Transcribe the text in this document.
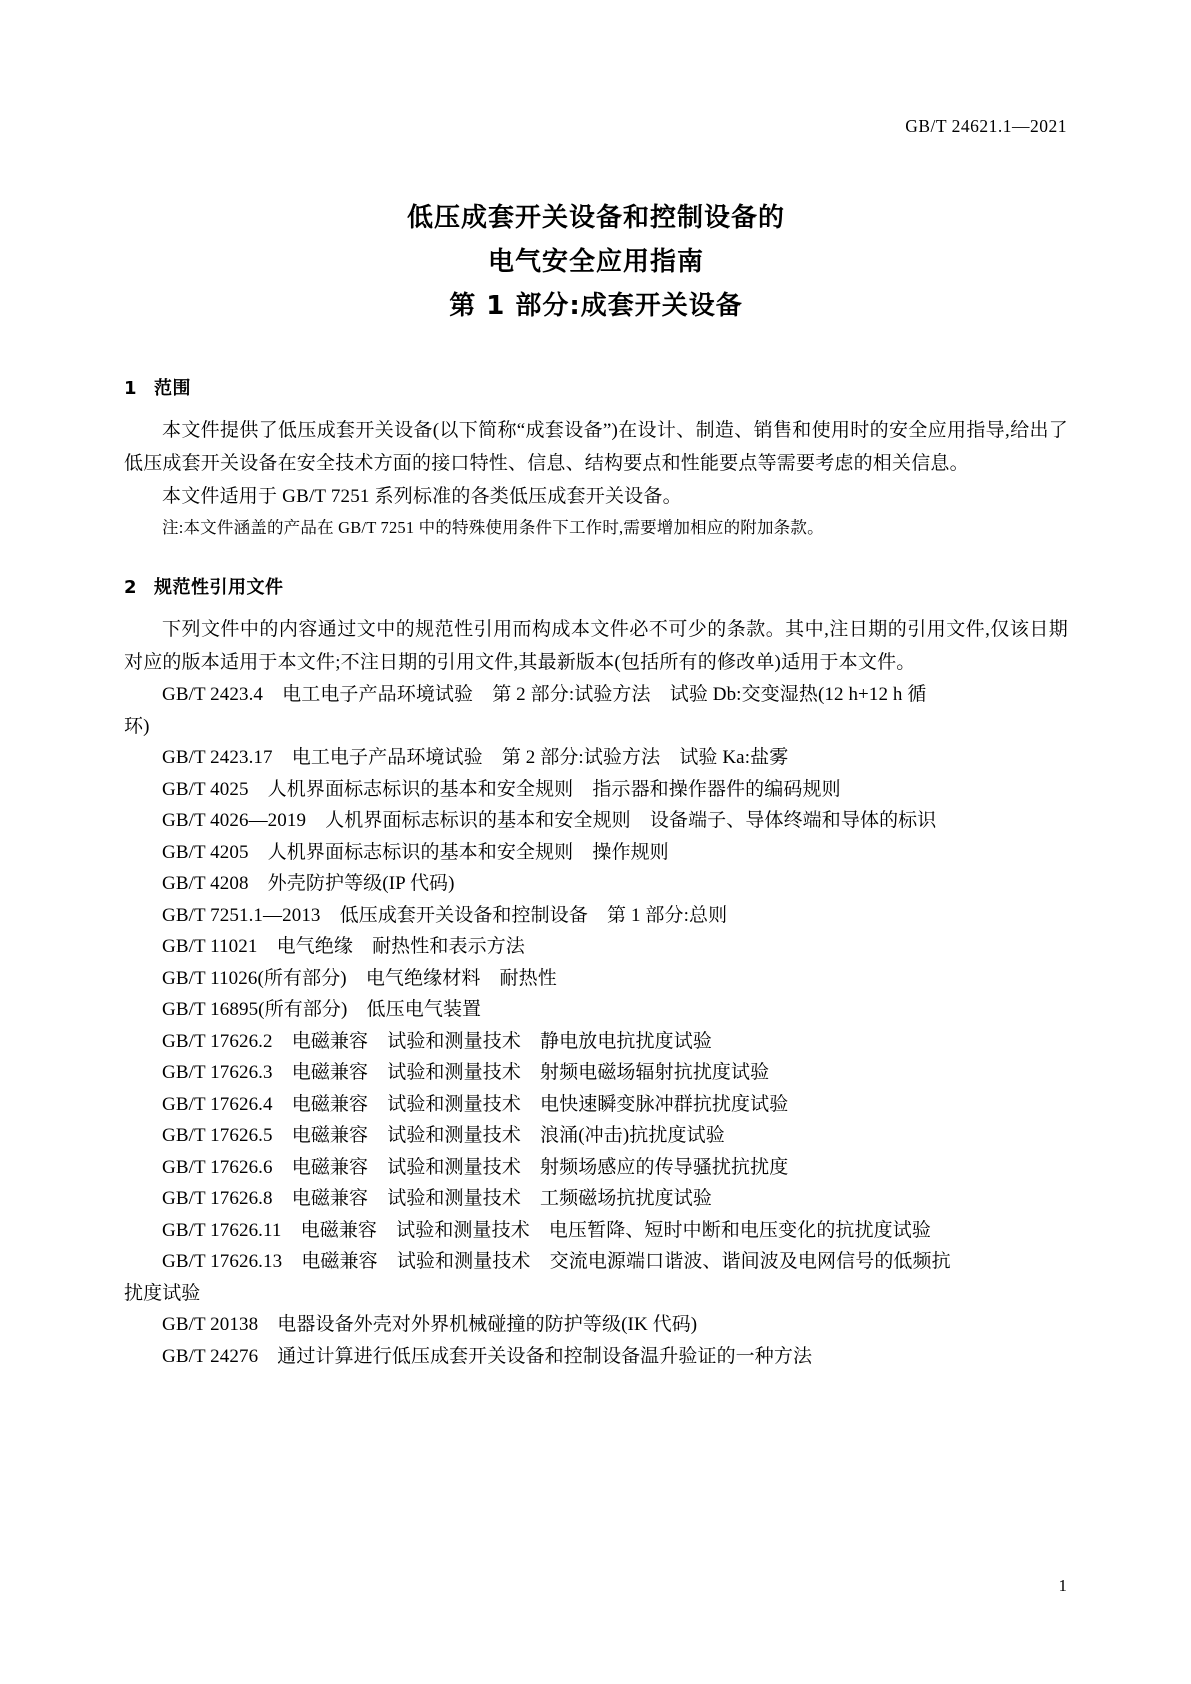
GB/T 24621.1—2021
低压成套开关设备和控制设备的
电气安全应用指南
第 1 部分:成套开关设备
1 范围
本文件提供了低压成套开关设备(以下简称“成套设备”)在设计、制造、销售和使用时的安全应用指导,给出了低压成套开关设备在安全技术方面的接口特性、信息、结构要点和性能要点等需要考虑的相关信息。
本文件适用于 GB/T 7251 系列标准的各类低压成套开关设备。
注:本文件涵盖的产品在 GB/T 7251 中的特殊使用条件下工作时,需要增加相应的附加条款。
2 规范性引用文件
下列文件中的内容通过文中的规范性引用而构成本文件必不可少的条款。其中,注日期的引用文件,仅该日期对应的版本适用于本文件;不注日期的引用文件,其最新版本(包括所有的修改单)适用于本文件。
GB/T 2423.4　电工电子产品环境试验　第 2 部分:试验方法　试验 Db:交变湿热(12 h+12 h 循
环)
GB/T 2423.17　电工电子产品环境试验　第 2 部分:试验方法　试验 Ka:盐雾
GB/T 4025　人机界面标志标识的基本和安全规则　指示器和操作器件的编码规则
GB/T 4026—2019　人机界面标志标识的基本和安全规则　设备端子、导体终端和导体的标识
GB/T 4205　人机界面标志标识的基本和安全规则　操作规则
GB/T 4208　外壳防护等级(IP 代码)
GB/T 7251.1—2013　低压成套开关设备和控制设备　第 1 部分:总则
GB/T 11021　电气绝缘　耐热性和表示方法
GB/T 11026(所有部分)　电气绝缘材料　耐热性
GB/T 16895(所有部分)　低压电气装置
GB/T 17626.2　电磁兼容　试验和测量技术　静电放电抗扰度试验
GB/T 17626.3　电磁兼容　试验和测量技术　射频电磁场辐射抗扰度试验
GB/T 17626.4　电磁兼容　试验和测量技术　电快速瞬变脉冲群抗扰度试验
GB/T 17626.5　电磁兼容　试验和测量技术　浪涌(冲击)抗扰度试验
GB/T 17626.6　电磁兼容　试验和测量技术　射频场感应的传导骚扰抗扰度
GB/T 17626.8　电磁兼容　试验和测量技术　工频磁场抗扰度试验
GB/T 17626.11　电磁兼容　试验和测量技术　电压暂降、短时中断和电压变化的抗扰度试验
GB/T 17626.13　电磁兼容　试验和测量技术　交流电源端口谐波、谐间波及电网信号的低频抗
扰度试验
GB/T 20138　电器设备外壳对外界机械碰撞的防护等级(IK 代码)
GB/T 24276　通过计算进行低压成套开关设备和控制设备温升验证的一种方法
1
